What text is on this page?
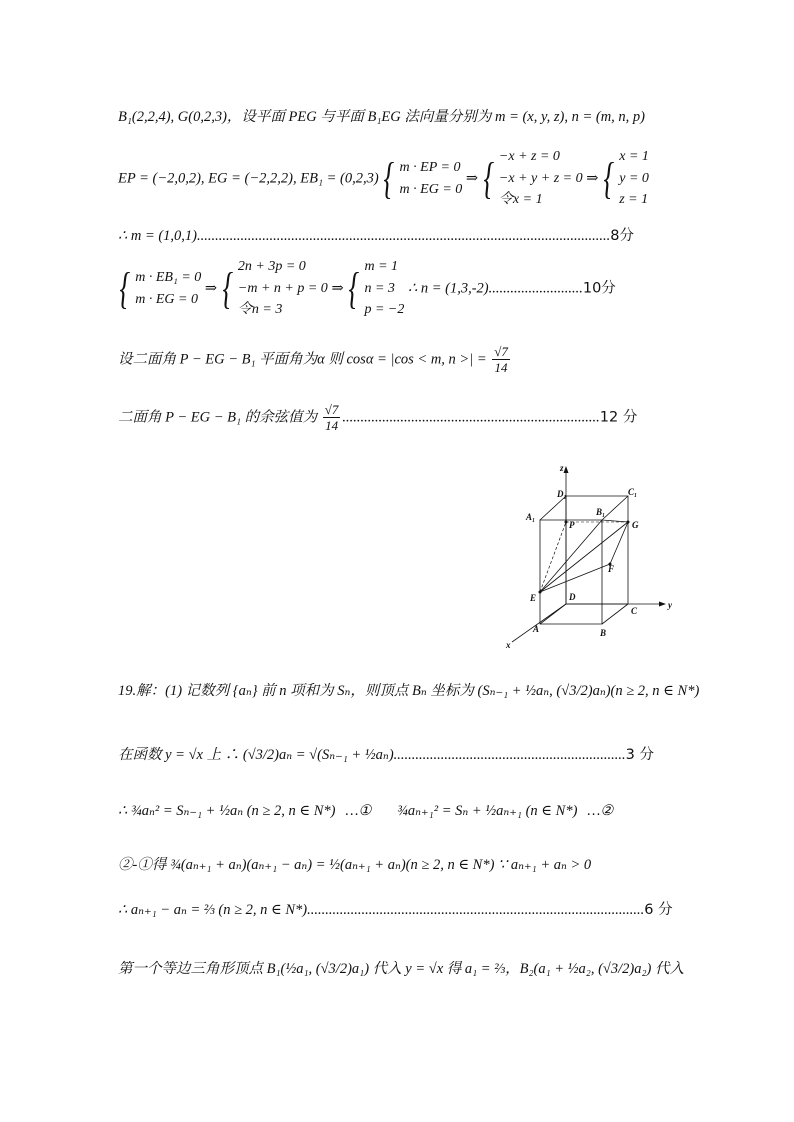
B₁(2,2,4), G(0,2,3)，设平面 PEG 与平面 B₁EG 法向量分别为 m = (x, y, z), n = (m, n, p)
EP = (−2,0,2), EG = (−2,2,2), EB₁ = (0,2,3) { m · EP = 0
m · EG = 0
⇒ { −x + z = 0
−x + y + z = 0
令x = 1
⇒ { x = 1
y = 0
z = 1
∴ m = (1,0,1)..................................................................................................................8分
{ m · EB₁ = 0
m · EG = 0
⇒ { 2n + 3p = 0
−m + n + p = 0
令n = 3
⇒ { m = 1
n = 3
p = −2
∴ n = (1,3,-2)..........................10分
设二面角 P − EG − B₁ 平面角为α 则 cosα = |cos < m, n >| = $\frac{√7}{14}$
二面角 P − EG − B₁ 的余弦值为 $\frac{√7}{14} .......................................................................12$ 分
z
D₁	C₁
A₁	B₁
P	G
F
E	D
C
y
A	B
x
19.解：(1) 记数列 {aₙ} 前 n 项和为 Sₙ，则顶点 Bₙ 坐标为 (Sₙ₋₁ + ½aₙ, (√3/2)aₙ)(n ≥ 2, n ∈ N*)
在函数 y = √x 上 ∴ (√3/2)aₙ = √(Sₙ₋₁ + ½aₙ)................................................................3 分
∴ ¾aₙ² = Sₙ₋₁ + ½aₙ (n ≥ 2, n ∈ N*) …① ¾aₙ₊₁² = Sₙ + ½aₙ₊₁ (n ∈ N*) …②
②-①得 ¾(aₙ₊₁ + aₙ)(aₙ₊₁ − aₙ) = ½(aₙ₊₁ + aₙ)(n ≥ 2, n ∈ N*) ∵ aₙ₊₁ + aₙ > 0
∴ aₙ₊₁ − aₙ = ⅔ (n ≥ 2, n ∈ N*).............................................................................................6 分
第一个等边三角形顶点 B₁(½a₁, (√3/2)a₁) 代入 y = √x 得 a₁ = ⅔，B₂(a₁ + ½a₂, (√3/2)a₂) 代入
